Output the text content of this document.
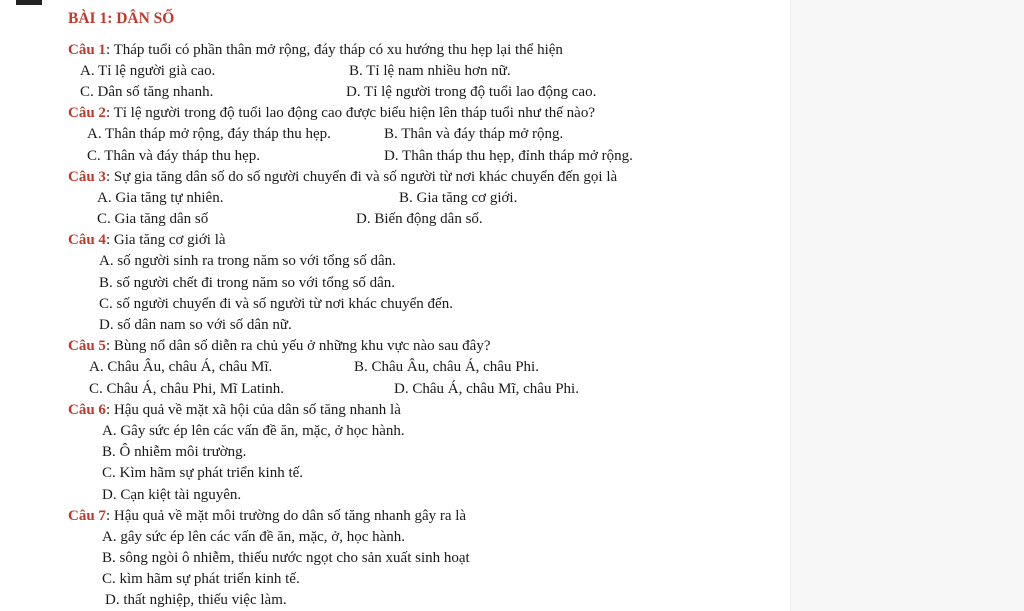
BÀI 1: DÂN SỐ
Câu 1: Tháp tuổi có phần thân mở rộng, đáy tháp có xu hướng thu hẹp lại thể hiện
A. Tỉ lệ người già cao.	B. Tỉ lệ nam nhiều hơn nữ.
C. Dân số tăng nhanh.	D. Tỉ lệ người trong độ tuổi lao động cao.
Câu 2: Tỉ lệ người trong độ tuổi lao động cao được biểu hiện lên tháp tuổi như thế nào?
A. Thân tháp mở rộng, đáy tháp thu hẹp.	B. Thân và đáy tháp mở rộng.
C. Thân và đáy tháp thu hẹp.	D. Thân tháp thu hẹp, đỉnh tháp mở rộng.
Câu 3: Sự gia tăng dân số do số người chuyển đi và số người từ nơi khác chuyển đến gọi là
A. Gia tăng tự nhiên.	B. Gia tăng cơ giới.
C. Gia tăng dân số	D. Biến động dân số.
Câu 4: Gia tăng cơ giới là
A. số người sinh ra trong năm so với tổng số dân.
B. số người chết đi trong năm so với tổng số dân.
C. số người chuyển đi và số người từ nơi khác chuyển đến.
D. số dân nam so với số dân nữ.
Câu 5: Bùng nổ dân số diễn ra chủ yếu ở những khu vực nào sau đây?
A. Châu Âu, châu Á, châu Mĩ.	B. Châu Âu, châu Á, châu Phi.
C. Châu Á, châu Phi, Mĩ Latinh.	D. Châu Á, châu Mĩ, châu Phi.
Câu 6: Hậu quả về mặt xã hội của dân số tăng nhanh là
A. Gây sức ép lên các vấn đề ăn, mặc, ở học hành.
B. Ô nhiễm môi trường.
C. Kìm hãm sự phát triển kinh tế.
D. Cạn kiệt tài nguyên.
Câu 7: Hậu quả về mặt môi trường do dân số tăng nhanh gây ra là
A. gây sức ép lên các vấn đề ăn, mặc, ở, học hành.
B. sông ngòi ô nhiễm, thiếu nước ngọt cho sản xuất sinh hoạt
C. kìm hãm sự phát triển kinh tế.
D. thất nghiệp, thiếu việc làm.
